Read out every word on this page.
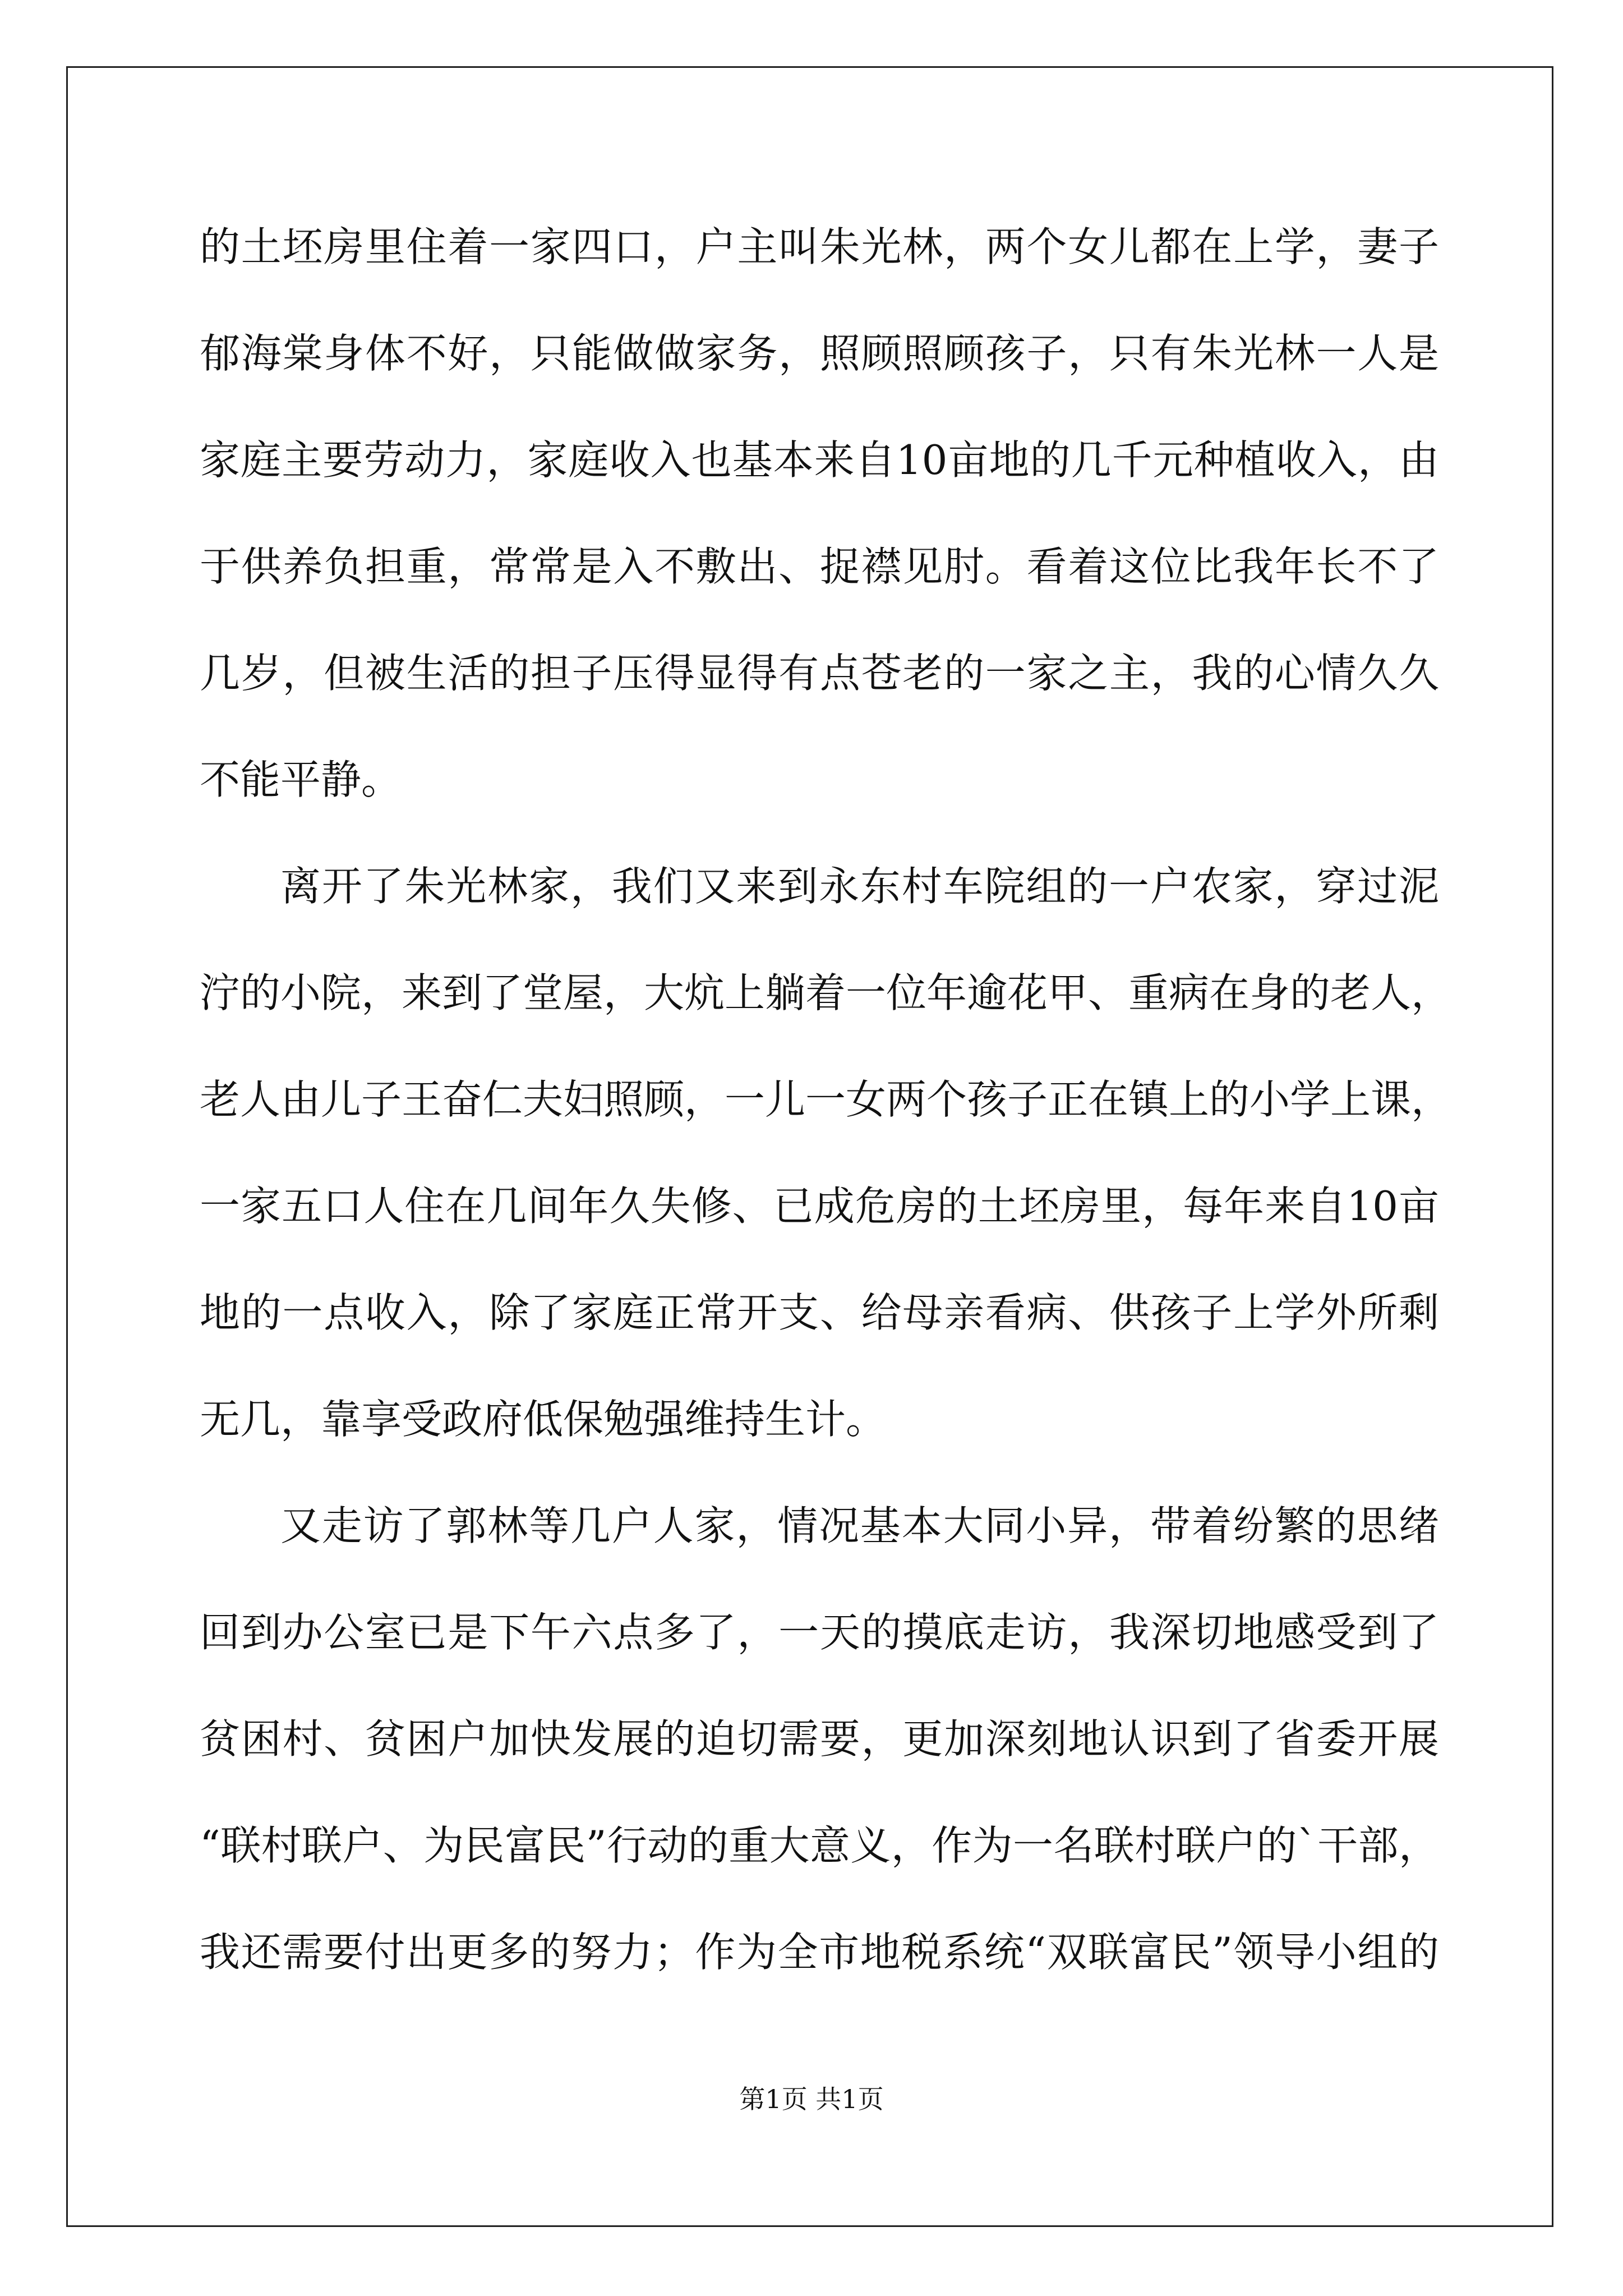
的土坯房里住着一家四口，户主叫朱光林，两个女儿都在上学，妻子
郁海棠身体不好，只能做做家务，照顾照顾孩子，只有朱光林一人是
家庭主要劳动力，家庭收入也基本来自10亩地的几千元种植收入，由
于供养负担重，常常是入不敷出、捉襟见肘。看着这位比我年长不了
几岁，但被生活的担子压得显得有点苍老的一家之主，我的心情久久
不能平静。
离开了朱光林家，我们又来到永东村车院组的一户农家，穿过泥
泞的小院，来到了堂屋，大炕上躺着一位年逾花甲、重病在身的老人，
老人由儿子王奋仁夫妇照顾，一儿一女两个孩子正在镇上的小学上课，
一家五口人住在几间年久失修、已成危房的土坯房里，每年来自10亩
地的一点收入，除了家庭正常开支、给母亲看病、供孩子上学外所剩
无几，靠享受政府低保勉强维持生计。
又走访了郭林等几户人家，情况基本大同小异，带着纷繁的思绪
回到办公室已是下午六点多了，一天的摸底走访，我深切地感受到了
贫困村、贫困户加快发展的迫切需要，更加深刻地认识到了省委开展
“联村联户、为民富民”行动的重大意义，作为一名联村联户的`干部，
我还需要付出更多的努力；作为全市地税系统“双联富民”领导小组的
第1页 共1页
